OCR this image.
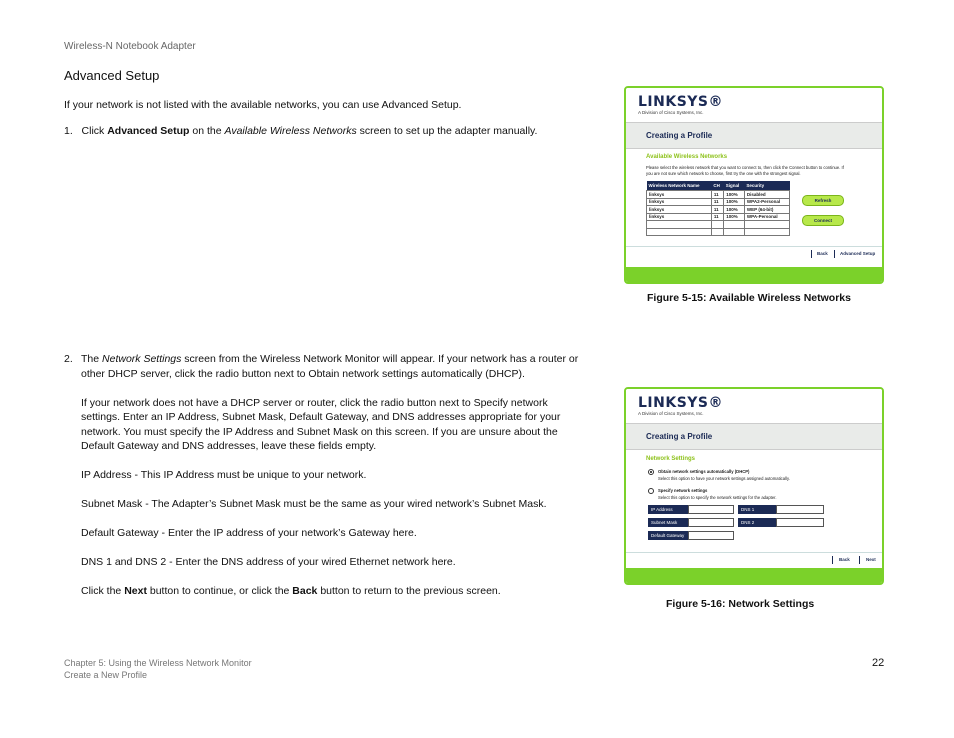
Wireless-N Notebook Adapter
Advanced Setup
If your network is not listed with the available networks, you can use Advanced Setup.
1. Click Advanced Setup on the Available Wireless Networks screen to set up the adapter manually.
2. The Network Settings screen from the Wireless Network Monitor will appear. If your network has a router or other DHCP server, click the radio button next to Obtain network settings automatically (DHCP).

If your network does not have a DHCP server or router, click the radio button next to Specify network settings. Enter an IP Address, Subnet Mask, Default Gateway, and DNS addresses appropriate for your network. You must specify the IP Address and Subnet Mask on this screen. If you are unsure about the Default Gateway and DNS addresses, leave these fields empty.

IP Address - This IP Address must be unique to your network.

Subnet Mask - The Adapter’s Subnet Mask must be the same as your wired network’s Subnet Mask.

Default Gateway - Enter the IP address of your network’s Gateway here.

DNS 1 and DNS 2 - Enter the DNS address of your wired Ethernet network here.

Click the Next button to continue, or click the Back button to return to the previous screen.

LINKSYS®
A Division of Cisco Systems, Inc.
Creating a Profile
Available Wireless Networks
Please select the wireless network that you want to connect to, then click the Connect button to continue. If you are not sure which network to choose, first try the one with the strongest signal.
Wireless Network Name	CH	Signal	Security
linksys	11	100%	Disabled
linksys	11	100%	WPA2-Personal
linksys	11	100%	WEP (64-bit)
linksys	11	100%	WPA-Personal

Refresh
Connect
Back	Advanced Setup
Figure 5-15: Available Wireless Networks
LINKSYS®
A Division of Cisco Systems, Inc.
Creating a Profile
Network Settings
Obtain network settings automatically (DHCP)
Select this option to have your network settings assigned automatically.
Specify network settings
Select this option to specify the network settings for the adapter.
IP Address	DNS 1
Subnet Mask	DNS 2
Default Gateway
Back	Next
Figure 5-16: Network Settings
Chapter 5: Using the Wireless Network Monitor
Create a New Profile
22
